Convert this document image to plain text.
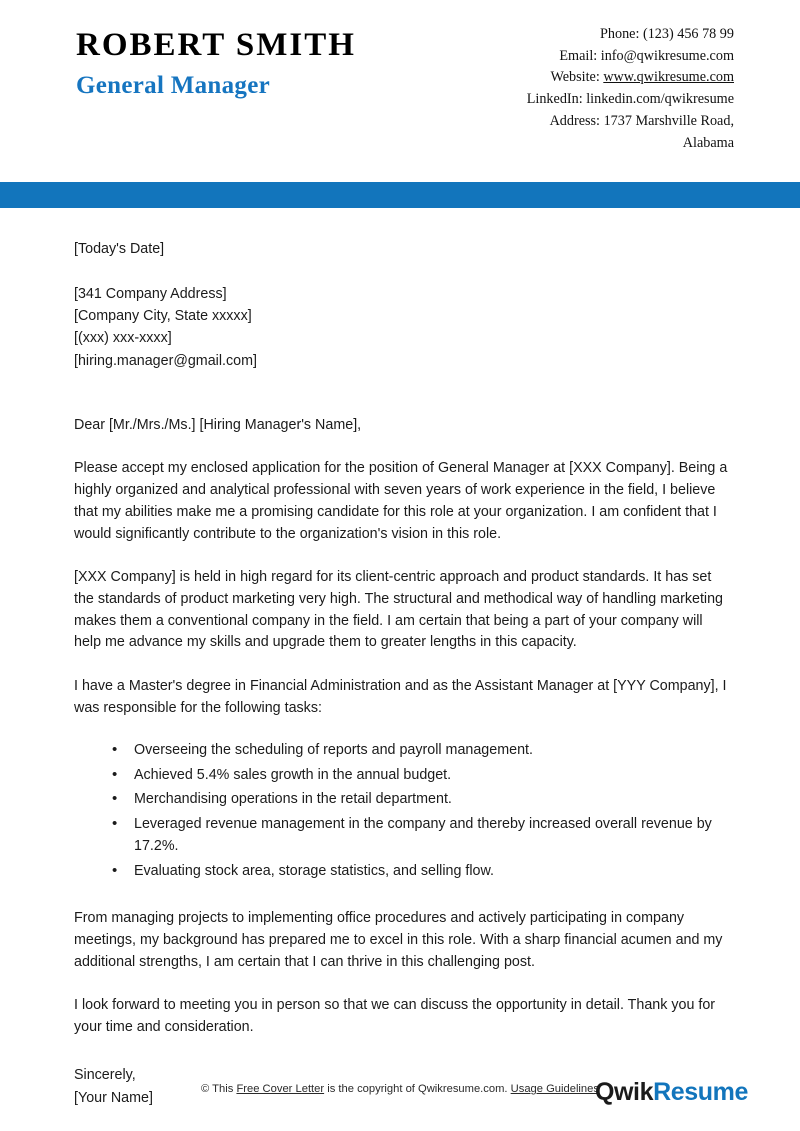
ROBERT SMITH
General Manager
Phone: (123) 456 78 99
Email: info@qwikresume.com
Website: www.qwikresume.com
LinkedIn: linkedin.com/qwikresume
Address: 1737 Marshville Road,
Alabama
[Today's Date]
[341 Company Address]
[Company City, State xxxxx]
[(xxx) xxx-xxxx]
[hiring.manager@gmail.com]
Dear [Mr./Mrs./Ms.] [Hiring Manager's Name],

Please accept my enclosed application for the position of General Manager at [XXX Company]. Being a highly organized and analytical professional with seven years of work experience in the field, I believe that my abilities make me a promising candidate for this role at your organization. I am confident that I would significantly contribute to the organization's vision in this role.

[XXX Company] is held in high regard for its client-centric approach and product standards. It has set the standards of product marketing very high. The structural and methodical way of handling marketing makes them a conventional company in the field. I am certain that being a part of your company will help me advance my skills and upgrade them to greater lengths in this capacity.

I have a Master's degree in Financial Administration and as the Assistant Manager at [YYY Company], I was responsible for the following tasks:

• Overseeing the scheduling of reports and payroll management.
• Achieved 5.4% sales growth in the annual budget.
• Merchandising operations in the retail department.
• Leveraged revenue management in the company and thereby increased overall revenue by 17.2%.
• Evaluating stock area, storage statistics, and selling flow.

From managing projects to implementing office procedures and actively participating in company meetings, my background has prepared me to excel in this role. With a sharp financial acumen and my additional strengths, I am certain that I can thrive in this challenging post.

I look forward to meeting you in person so that we can discuss the opportunity in detail. Thank you for your time and consideration.

Sincerely,
[Your Name]
© This Free Cover Letter is the copyright of Qwikresume.com. Usage Guidelines
QwikResume
